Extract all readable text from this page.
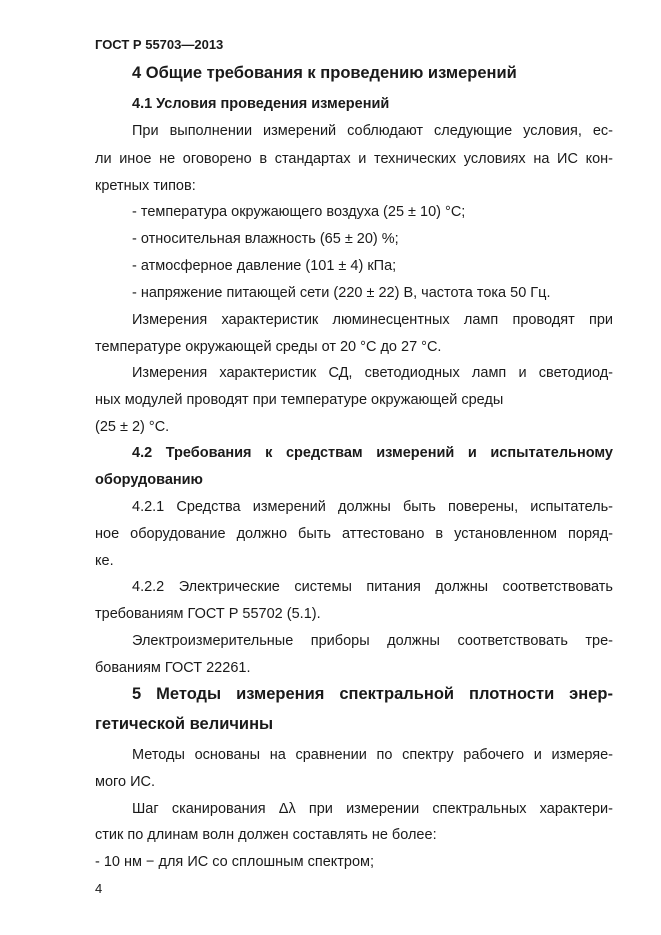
ГОСТ Р 55703—2013
4 Общие требования к проведению измерений
4.1 Условия проведения измерений
При выполнении измерений соблюдают следующие условия, ес-
ли иное не оговорено в стандартах и технических условиях на ИС кон-
кретных типов:
- температура окружающего воздуха (25 ± 10) °С;
- относительная влажность (65 ± 20) %;
- атмосферное давление (101 ± 4) кПа;
- напряжение питающей сети (220 ± 22) В, частота тока 50 Гц.
Измерения характеристик люминесцентных ламп проводят при
температуре окружающей среды от 20 °С до 27 °С.
Измерения характеристик СД, светодиодных ламп и светодиод-
ных модулей проводят при температуре окружающей среды
(25 ± 2) °С.
4.2 Требования к средствам измерений и испытательному
оборудованию
4.2.1 Средства измерений должны быть поверены, испытатель-
ное оборудование должно быть аттестовано в установленном поряд-
ке.
4.2.2 Электрические системы питания должны соответствовать
требованиям ГОСТ Р 55702 (5.1).
Электроизмерительные приборы должны соответствовать тре-
бованиям ГОСТ 22261.
5 Методы измерения спектральной плотности энер-
гетической величины
Методы основаны на сравнении по спектру рабочего и измеряе-
мого ИС.
Шаг сканирования Δλ при измерении спектральных характери-
стик по длинам волн должен составлять не более:
- 10 нм − для ИС со сплошным спектром;
4
